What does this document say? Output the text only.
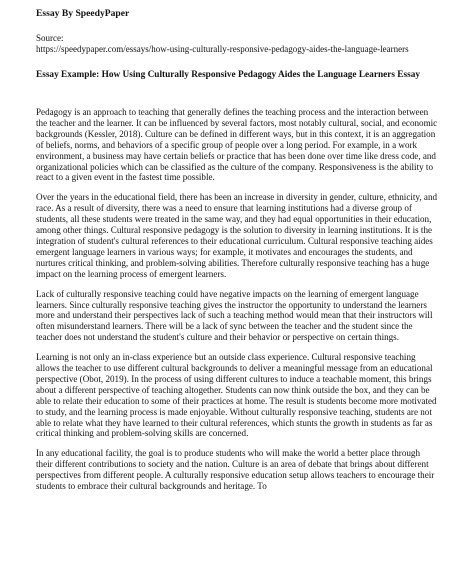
Essay By SpeedyPaper
Source:
https://speedypaper.com/essays/how-using-culturally-responsive-pedagogy-aides-the-language-learners
Essay Example: How Using Culturally Responsive Pedagogy Aides the Language Learners Essay

Pedagogy is an approach to teaching that generally defines the teaching process and the interaction between the teacher and the learner. It can be influenced by several factors, most notably cultural, social, and economic backgrounds (Kessler, 2018). Culture can be defined in different ways, but in this context, it is an aggregation of beliefs, norms, and behaviors of a specific group of people over a long period. For example, in a work environment, a business may have certain beliefs or practice that has been done over time like dress code, and organizational policies which can be classified as the culture of the company. Responsiveness is the ability to react to a given event in the fastest time possible.

Over the years in the educational field, there has been an increase in diversity in gender, culture, ethnicity, and race. As a result of diversity, there was a need to ensure that learning institutions had a diverse group of students, all these students were treated in the same way, and they had equal opportunities in their education, among other things. Cultural responsive pedagogy is the solution to diversity in learning institutions. It is the integration of student's cultural references to their educational curriculum. Cultural responsive teaching aides emergent language learners in various ways; for example, it motivates and encourages the students, and nurtures critical thinking, and problem-solving abilities. Therefore culturally responsive teaching has a huge impact on the learning process of emergent learners.

Lack of culturally responsive teaching could have negative impacts on the learning of emergent language learners. Since culturally responsive teaching gives the instructor the opportunity to understand the learners more and understand their perspectives lack of such a teaching method would mean that their instructors will often misunderstand learners. There will be a lack of sync between the teacher and the student since the teacher does not understand the student's culture and their behavior or perspective on certain things.

Learning is not only an in-class experience but an outside class experience. Cultural responsive teaching allows the teacher to use different cultural backgrounds to deliver a meaningful message from an educational perspective (Obot, 2019). In the process of using different cultures to induce a teachable moment, this brings about a different perspective of teaching altogether. Students can now think outside the box, and they can be able to relate their education to some of their practices at home. The result is students become more motivated to study, and the learning process is made enjoyable. Without culturally responsive teaching, students are not able to relate what they have learned to their cultural references, which stunts the growth in students as far as critical thinking and problem-solving skills are concerned.

In any educational facility, the goal is to produce students who will make the world a better place through their different contributions to society and the nation. Culture is an area of debate that brings about different perspectives from different people. A culturally responsive education setup allows teachers to encourage their students to embrace their cultural backgrounds and heritage. To
